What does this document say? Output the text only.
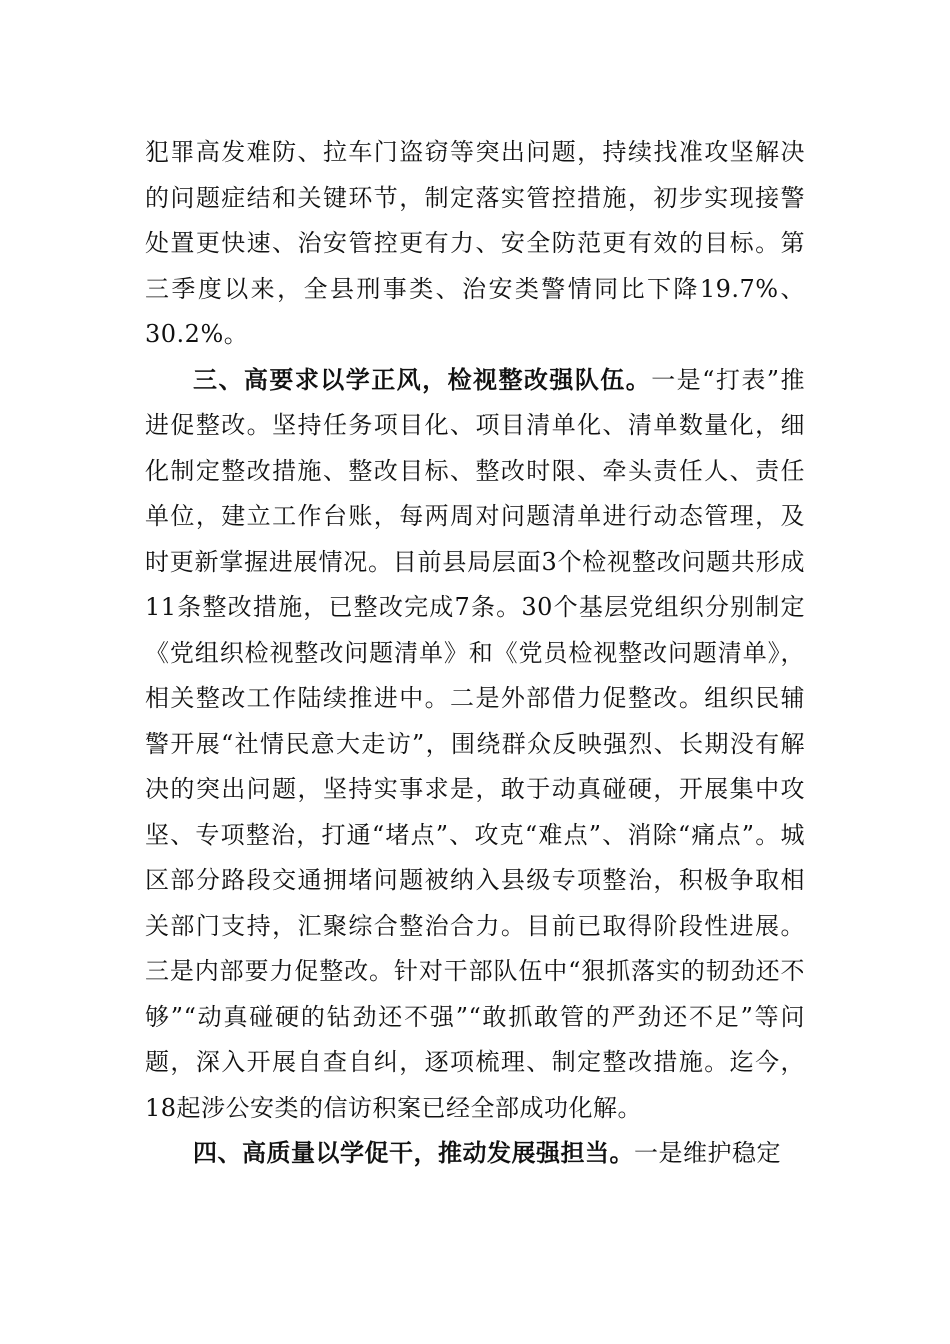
犯罪高发难防、拉车门盗窃等突出问题，持续找准攻坚解决的问题症结和关键环节，制定落实管控措施，初步实现接警处置更快速、治安管控更有力、安全防范更有效的目标。第三季度以来，全县刑事类、治安类警情同比下降19.7%、30.2%。

三、高要求以学正风，检视整改强队伍。一是“打表”推进促整改。坚持任务项目化、项目清单化、清单数量化，细化制定整改措施、整改目标、整改时限、牵头责任人、责任单位，建立工作台账，每两周对问题清单进行动态管理，及时更新掌握进展情况。目前县局层面3个检视整改问题共形成11条整改措施，已整改完成7条。30个基层党组织分别制定《党组织检视整改问题清单》和《党员检视整改问题清单》，相关整改工作陆续推进中。二是外部借力促整改。组织民辅警开展“社情民意大走访”，围绕群众反映强烈、长期没有解决的突出问题，坚持实事求是，敢于动真碰硬，开展集中攻坚、专项整治，打通“堵点”、攻克“难点”、消除“痛点”。城区部分路段交通拥堵问题被纳入县级专项整治，积极争取相关部门支持，汇聚综合整治合力。目前已取得阶段性进展。三是内部要力促整改。针对干部队伍中“狠抓落实的韧劲还不够”“动真碰硬的钻劲还不强”“敢抓敢管的严劲还不足”等问题，深入开展自查自纠，逐项梳理、制定整改措施。迄今，18起涉公安类的信访积案已经全部成功化解。

四、高质量以学促干，推动发展强担当。一是维护稳定
